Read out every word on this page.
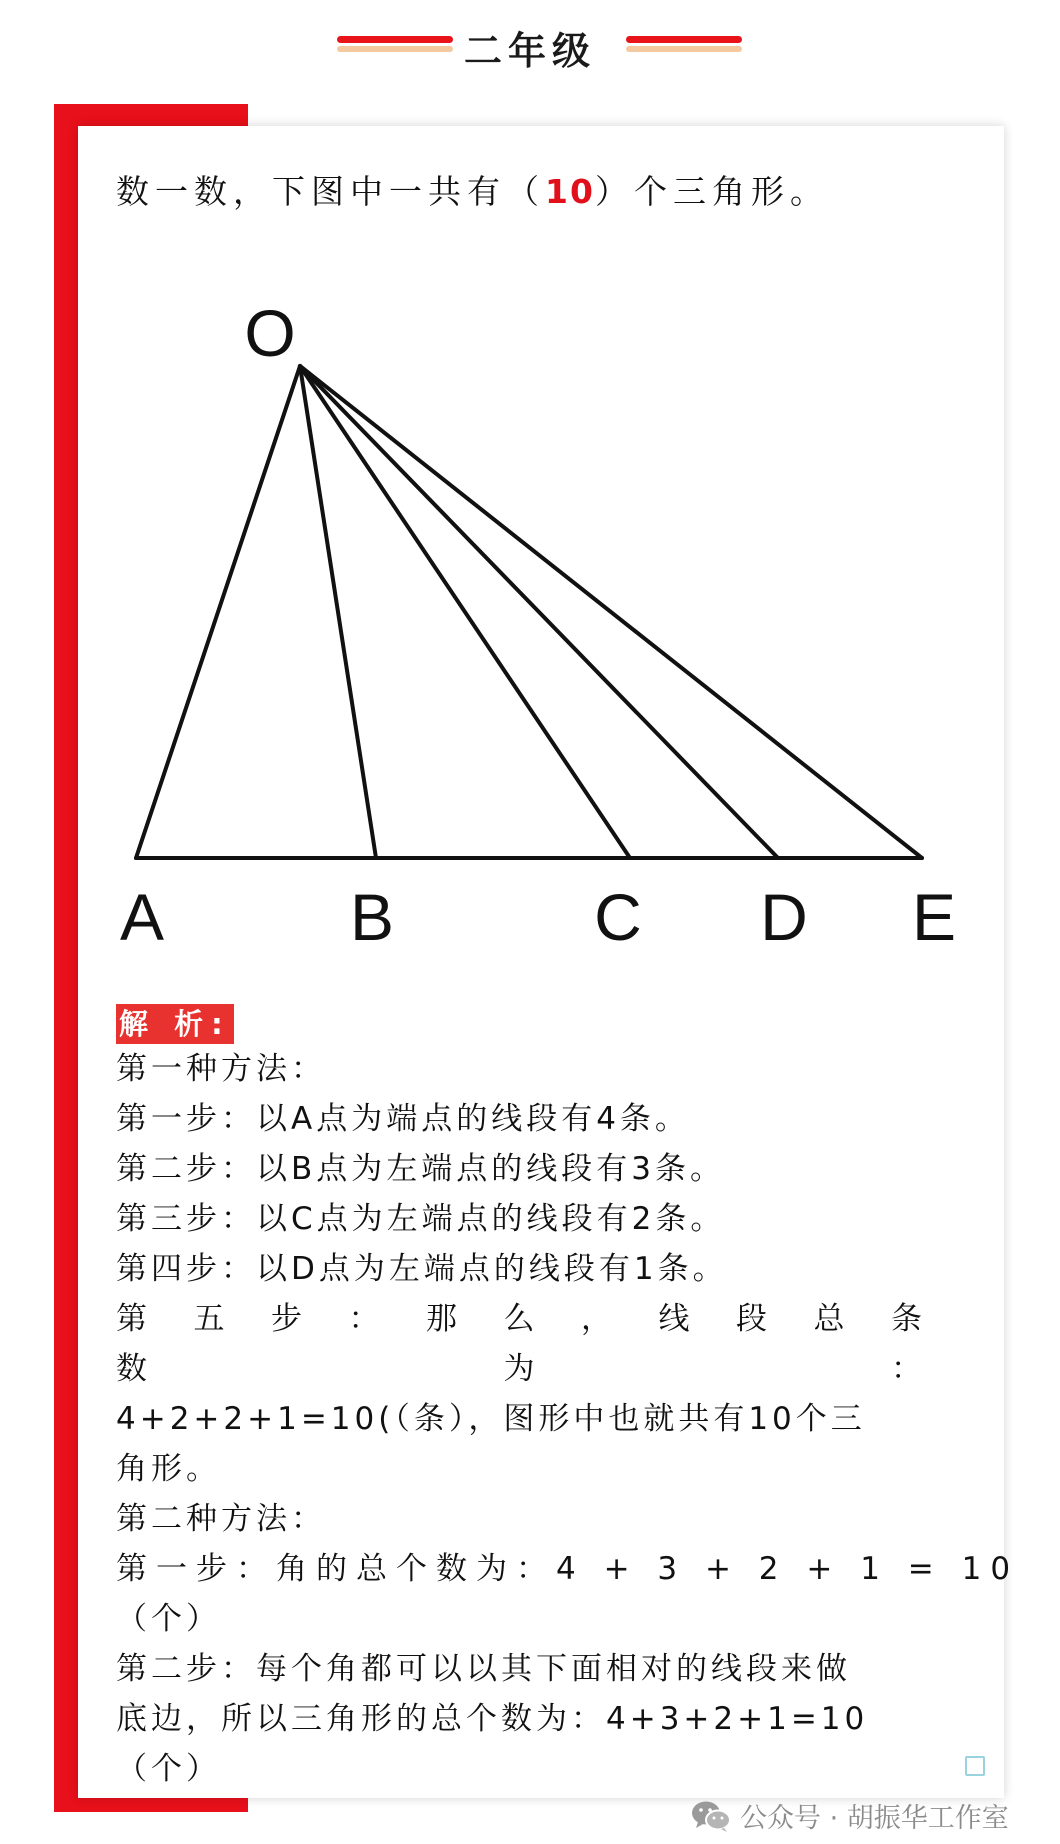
二年级
数一数，下图中一共有（10）个三角形。
O
A	B	C D E
解 析:
第一种方法：
第一步：以A点为端点的线段有4条。
第二步：以B点为左端点的线段有3条。
第三步：以C点为左端点的线段有2条。
第四步：以D点为左端点的线段有1条。
第五步：那么，线段总条数为：
4+2+2+1=10(（条），图形中也就共有10个三
角形。
第二种方法：
第一步：角的总个数为：4 + 3 + 2 + 1 = 10
（个）
第二步：每个角都可以以其下面相对的线段来做
底边，所以三角形的总个数为：4+3+2+1=10
（个）
公众号 · 胡振华工作室
